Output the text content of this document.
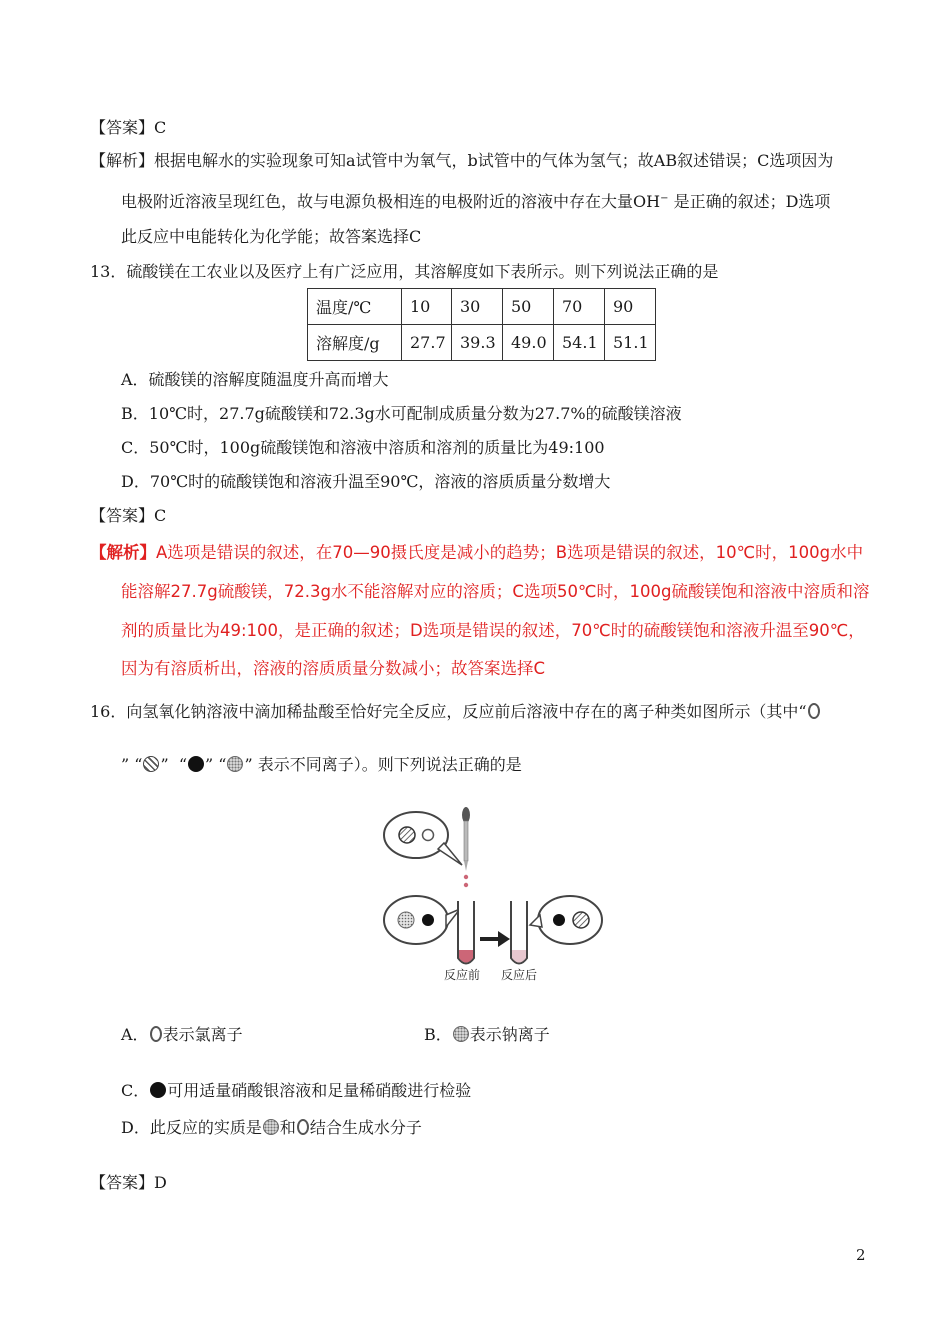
【答案】C
【解析】根据电解水的实验现象可知a试管中为氧气，b试管中的气体为氢气；故AB叙述错误；C选项因为
电极附近溶液呈现红色，故与电源负极相连的电极附近的溶液中存在大量OH− 是正确的叙述；D选项
此反应中电能转化为化学能；故答案选择C
13．硫酸镁在工农业以及医疗上有广泛应用，其溶解度如下表所示。则下列说法正确的是
温度/℃	10	30	50	70	90
溶解度/g	27.7	39.3	49.0	54.1	51.1
A．硫酸镁的溶解度随温度升高而增大
B．10℃时，27.7g硫酸镁和72.3g水可配制成质量分数为27.7%的硫酸镁溶液
C．50℃时，100g硫酸镁饱和溶液中溶质和溶剂的质量比为49:100
D．70℃时的硫酸镁饱和溶液升温至90℃，溶液的溶质质量分数增大
【答案】C
【解析】A选项是错误的叙述，在70—90摄氏度是减小的趋势；B选项是错误的叙述，10℃时，100g水中
能溶解27.7g硫酸镁，72.3g水不能溶解对应的溶质；C选项50℃时，100g硫酸镁饱和溶液中溶质和溶
剂的质量比为49:100，是正确的叙述；D选项是错误的叙述，70℃时的硫酸镁饱和溶液升温至90℃，
因为有溶质析出，溶液的溶质质量分数减小；故答案选择C
16．向氢氧化钠溶液中滴加稀盐酸至恰好完全反应，反应前后溶液中存在的离子种类如图所示（其中“
” “ ” “ ” “ ” 表示不同离子）。则下列说法正确的是
反应前 反应后
A． 表示氯离子	B． 表示钠离子
C． 可用适量硝酸银溶液和足量稀硝酸进行检验
D．此反应的实质是 和 结合生成水分子
【答案】D
2
